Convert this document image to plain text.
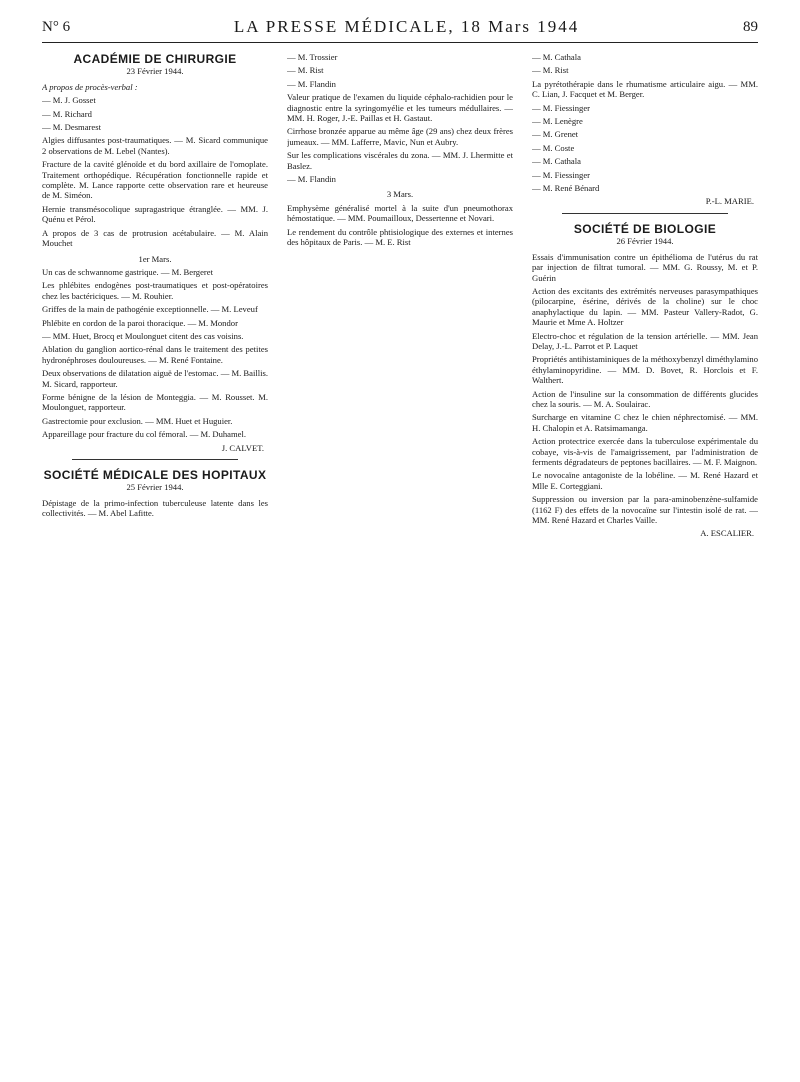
N° 6	LA PRESSE MÉDICALE, 18 Mars 1944	89
ACADÉMIE DE CHIRURGIE
23 Février 1944.
A propos de procès-verbal :
— M. J. Gosset
— M. Richard
— M. Desmarest
Algies diffusantes post-traumatiques. — M. Sicard communique 2 observations de M. Lebel (Nantes).
Fracture de la cavité glénoïde et du bord axillaire de l'omoplate. Traitement orthopédique. Récupération fonctionnelle rapide et complète. M. Lance rapporte cette observation rare et heureuse de M. Siméon.
Hernie transmésocolique supragastrique étranglée. — MM. J. Quénu et Pérol.
A propos de 3 cas de protrusion acétabulaire. — M. Alain Mouchet
1er Mars.
Un cas de schwannome gastrique. — M. Bergeret
Les phlébites endogènes post-traumatiques et post-opératoires chez les bactériciques. — M. Rouhier.
Griffes de la main de pathogénie exceptionnelle. — M. Leveuf
Phlébite en cordon de la paroi thoracique. — M. Mondor
— MM. Huet, Brocq et Moulonguet citent des cas voisins.
Ablation du ganglion aortico-rénal dans le traitement des petites hydronéphroses douloureuses. — M. René Fontaine.
Deux observations de dilatation aiguë de l'estomac. — M. Baillis. M. Sicard, rapporteur.
Forme bénigne de la lésion de Monteggia. — M. Rousset. M. Moulonguet, rapporteur.
Gastrectomie pour exclusion. — MM. Huet et Huguier.
Appareillage pour fracture du col fémoral. — M. Duhamel.
J. CALVET.
SOCIÉTÉ MÉDICALE DES HOPITAUX
25 Février 1944.
Dépistage de la primo-infection tuberculeuse latente dans les collectivités. — M. Abel Lafitte.
— M. Trossier
— M. Rist
— M. Flandin
Valeur pratique de l'examen du liquide céphalo-rachidien pour le diagnostic entre la syringomyélie et les tumeurs médullaires. — MM. H. Roger, J.-E. Paillas et H. Gastaut.
Cirrhose bronzée apparue au même âge (29 ans) chez deux frères jumeaux. — MM. Lafferre, Mavic, Nun et Aubry.
Sur les complications viscérales du zona. — MM. J. Lhermitte et Baslez.
— M. Flandin
3 Mars.
Emphysème généralisé mortel à la suite d'un pneumothorax hémostatique. — MM. Poumailloux, Dessertenne et Novari.
Le rendement du contrôle phtisiologique des externes et internes des hôpitaux de Paris. — M. E. Rist
— M. Cathala
— M. Rist
La pyrétothérapie dans le rhumatisme articulaire aigu. — MM. C. Lian, J. Facquet et M. Berger.
— M. Fiessinger
— M. Lenègre
— M. Grenet
— M. Coste
— M. Cathala
— M. Fiessinger
— M. René Bénard
P.-L. MARIE.
SOCIÉTÉ DE BIOLOGIE
26 Février 1944.
Essais d'immunisation contre un épithélioma de l'utérus du rat par injection de filtrat tumoral. — MM. G. Roussy, M. et P. Guérin
Action des excitants des extrémités nerveuses parasympathiques (pilocarpine, ésérine, dérivés de la choline) sur le choc anaphylactique du lapin. — MM. Pasteur Vallery-Radot, G. Maurie et Mme A. Holtzer
Electro-choc et régulation de la tension artérielle. — MM. Jean Delay, J.-L. Parrot et P. Laquet
Propriétés antihistaminiques de la méthoxybenzyl diméthylamino éthylaminopyridine. — MM. D. Bovet, R. Horclois et F. Walthert.
Action de l'insuline sur la consommation de différents glucides chez la souris. — M. A. Soulairac.
Surcharge en vitamine C chez le chien néphrectomisé. — MM. H. Chalopin et A. Ratsimamanga.
Action protectrice exercée dans la tuberculose expérimentale du cobaye, vis-à-vis de l'amaigrissement, par l'administration de ferments dégradateurs de peptones bacillaires. — M. F. Maignon.
Le novocaïne antagoniste de la lobéline. — M. René Hazard et Mlle E. Corteggiani.
Suppression ou inversion par la para-aminobenzène-sulfamide (1162 F) des effets de la novocaïne sur l'intestin isolé de rat. — MM. René Hazard et Charles Vaille.
A. ESCALIER.
